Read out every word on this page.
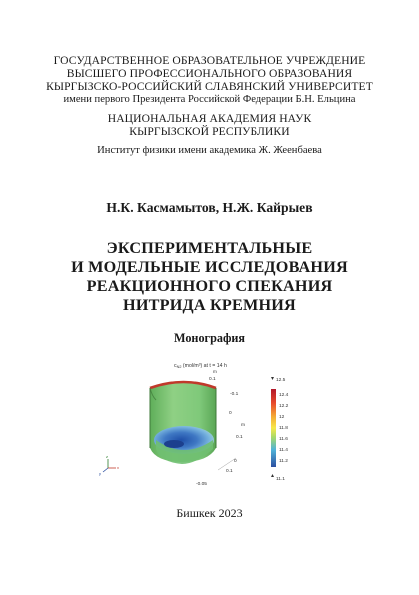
ГОСУДАРСТВЕННОЕ ОБРАЗОВАТЕЛЬНОЕ УЧРЕЖДЕНИЕ
ВЫСШЕГО ПРОФЕССИОНАЛЬНОГО ОБРАЗОВАНИЯ
КЫРГЫЗСКО-РОССИЙСКИЙ СЛАВЯНСКИЙ УНИВЕРСИТЕТ
имени первого Президента Российской Федерации Б.Н. Ельцина
НАЦИОНАЛЬНАЯ АКАДЕМИЯ НАУК
КЫРГЫЗСКОЙ РЕСПУБЛИКИ
Институт физики имени академика Ж. Жеенбаева
Н.К. Касмамытов, Н.Ж. Кайрыев
ЭКСПЕРИМЕНТАЛЬНЫЕ
И МОДЕЛЬНЫЕ ИССЛЕДОВАНИЯ
РЕАКЦИОННОГО СПЕКАНИЯ
НИТРИДА КРЕМНИЯ
Монография
$c_{N2}$ (mol/m³) at t = 14 h
m
0.1
-0.1
0
0.1
m
0
0.1
-0.05
12.5
12.4
12.2
12
11.8
11.6
11.4
11.2
11.1
z
x
y
Бишкек 2023
